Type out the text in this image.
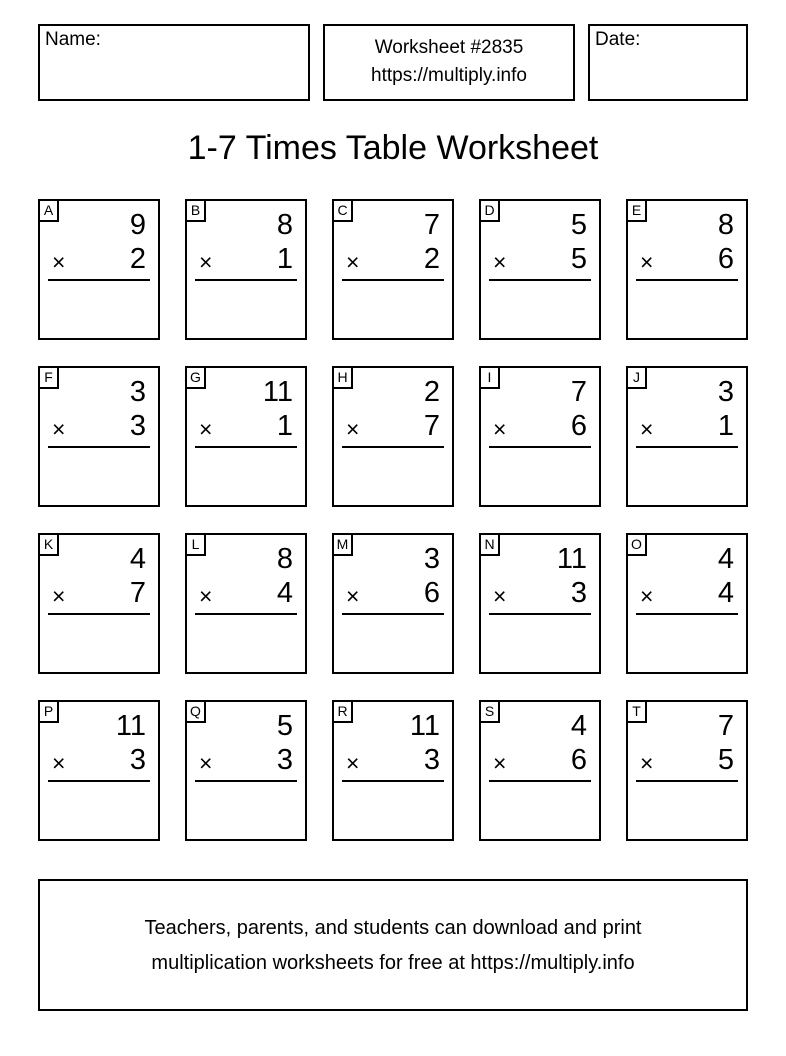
Name:	Worksheet #2835
https://multiply.info
Date:
1-7 Times Table Worksheet
A	9
× 2
B	8
× 1
C	7
× 2
D	5
× 5
E	8
× 6
F	3
× 3
G 11
× 1
H	2
× 7
I	7
× 6
J	3
× 1
K	4
× 7
L	8
× 4
M	3
× 6
N 11
× 3
O	4
× 4
P 11
× 3
Q	5
× 3
R 11
× 3
S	4
× 6
T	7
× 5
Teachers, parents, and students can download and print
multiplication worksheets for free at https://multiply.info
